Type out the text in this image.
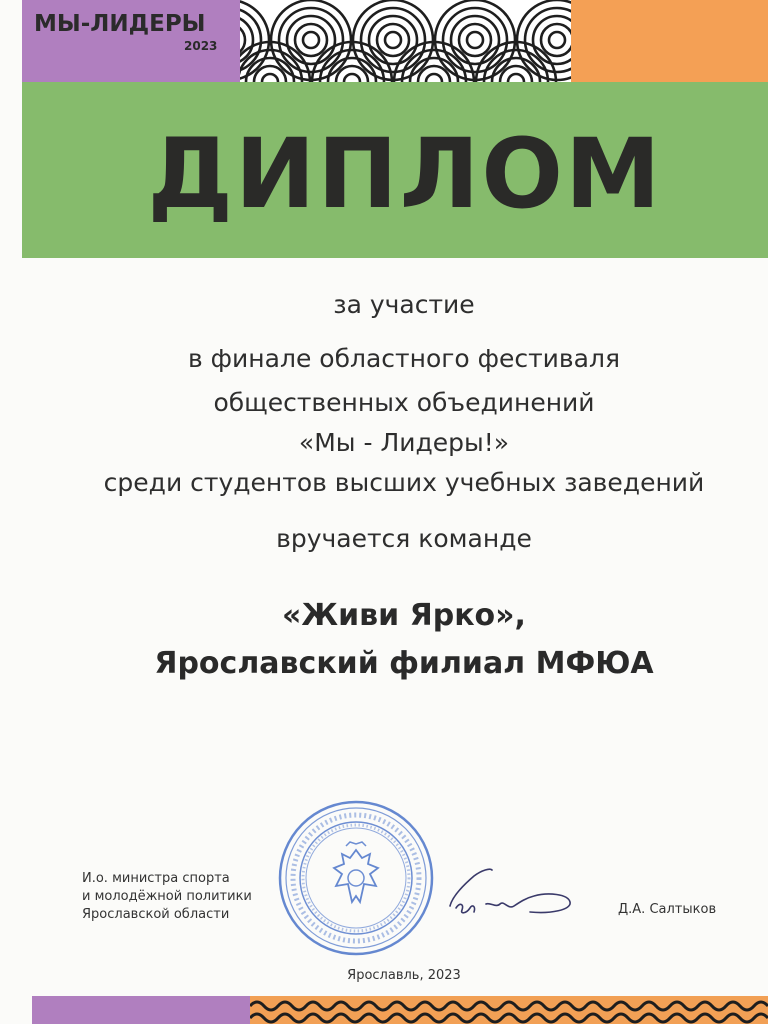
МЫ-ЛИДЕРЫ
2023
ДИПЛОМ
за участие
в финале областного фестиваля
общественных объединений
«Мы - Лидеры!»
среди студентов высших учебных заведений
вручается команде
«Живи Ярко»,
Ярославский филиал МФЮА
И.о. министра спорта
и молодёжной политики
Ярославской области	Д.А. Салтыков
Ярославль, 2023
